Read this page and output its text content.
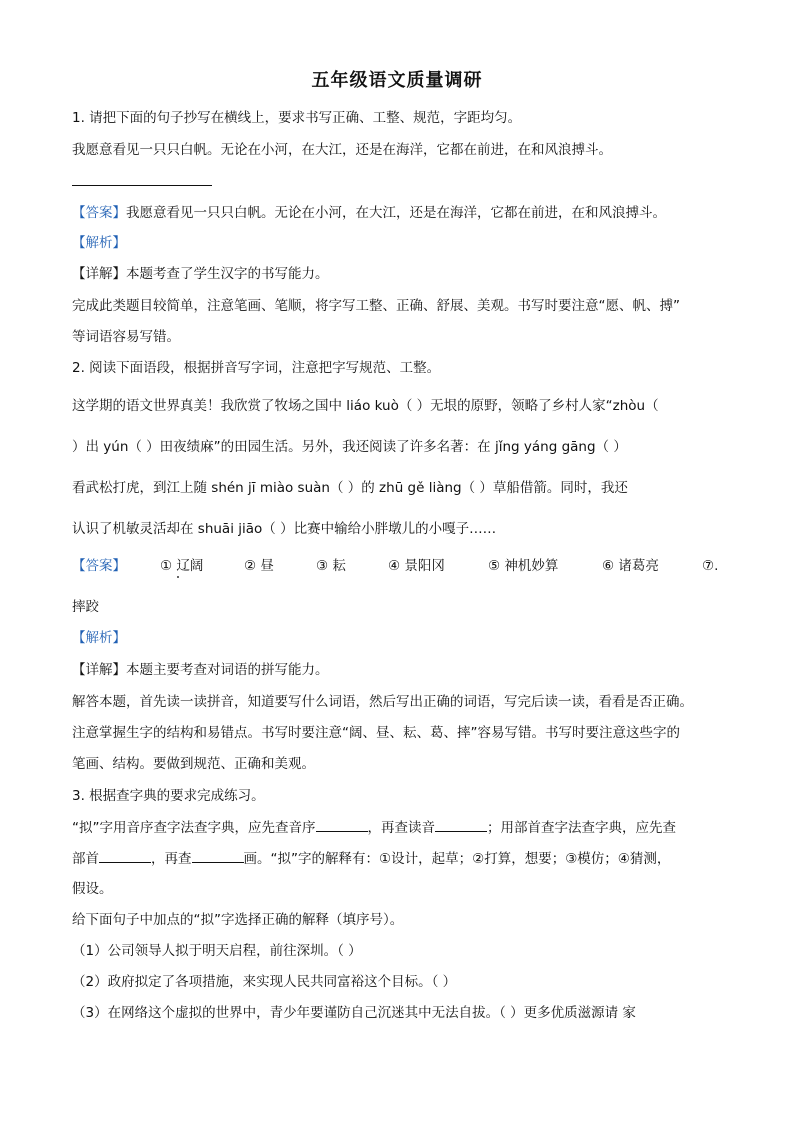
五年级语文质量调研
1. 请把下面的句子抄写在横线上，要求书写正确、工整、规范，字距均匀。
我愿意看见一只只白帆。无论在小河，在大江，还是在海洋，它都在前进，在和风浪搏斗。
【答案】我愿意看见一只只白帆。无论在小河，在大江，还是在海洋，它都在前进，在和风浪搏斗。
【解析】
【详解】本题考查了学生汉字的书写能力。
完成此类题目较简单，注意笔画、笔顺，将字写工整、正确、舒展、美观。书写时要注意“愿、帆、搏”
等词语容易写错。
2. 阅读下面语段，根据拼音写字词，注意把字写规范、工整。
这学期的语文世界真美！我欣赏了牧场之国中 liáo kuò（ ）无垠的原野，领略了乡村人家“zhòu（
）出 yún（ ）田夜绩麻”的田园生活。另外，我还阅读了许多名著：在 jǐng yáng gāng（ ）
看武松打虎，到江上随 shén jī miào suàn（ ）的 zhū gě liàng（ ）草船借箭。同时，我还
认识了机敏灵活却在 shuāi jiāo（ ）比赛中输给小胖墩儿的小嘎子……
【答案】	① 辽阔	② 昼	③ 耘	④ 景阳冈	⑤ 神机妙算	⑥ 诸葛亮	⑦.
摔跤
【解析】
【详解】本题主要考查对词语的拼写能力。
解答本题，首先读一读拼音，知道要写什么词语，然后写出正确的词语，写完后读一读，看看是否正确。
注意掌握生字的结构和易错点。书写时要注意“阔、昼、耘、葛、摔”容易写错。书写时要注意这些字的
笔画、结构。要做到规范、正确和美观。
3. 根据查字典的要求完成练习。
“拟”字用音序查字法查字典，应先查音序	，再查读音	；用部首查字法查字典，应先查
部首	，再查	画。“拟”字的解释有：①设计，起草；②打算，想要；③模仿；④猜测，
假设。
给下面句子中加点的“拟”字选择正确的解释（填序号）。
（1）公司领导人拟于明天启程，前往深圳。（ ）
（2）政府拟定了各项措施，来实现人民共同富裕这个目标。（ ）
（3）在网络这个虚拟的世界中，青少年要谨防自己沉迷其中无法自拔。（ ）更多优质滋源请 家
